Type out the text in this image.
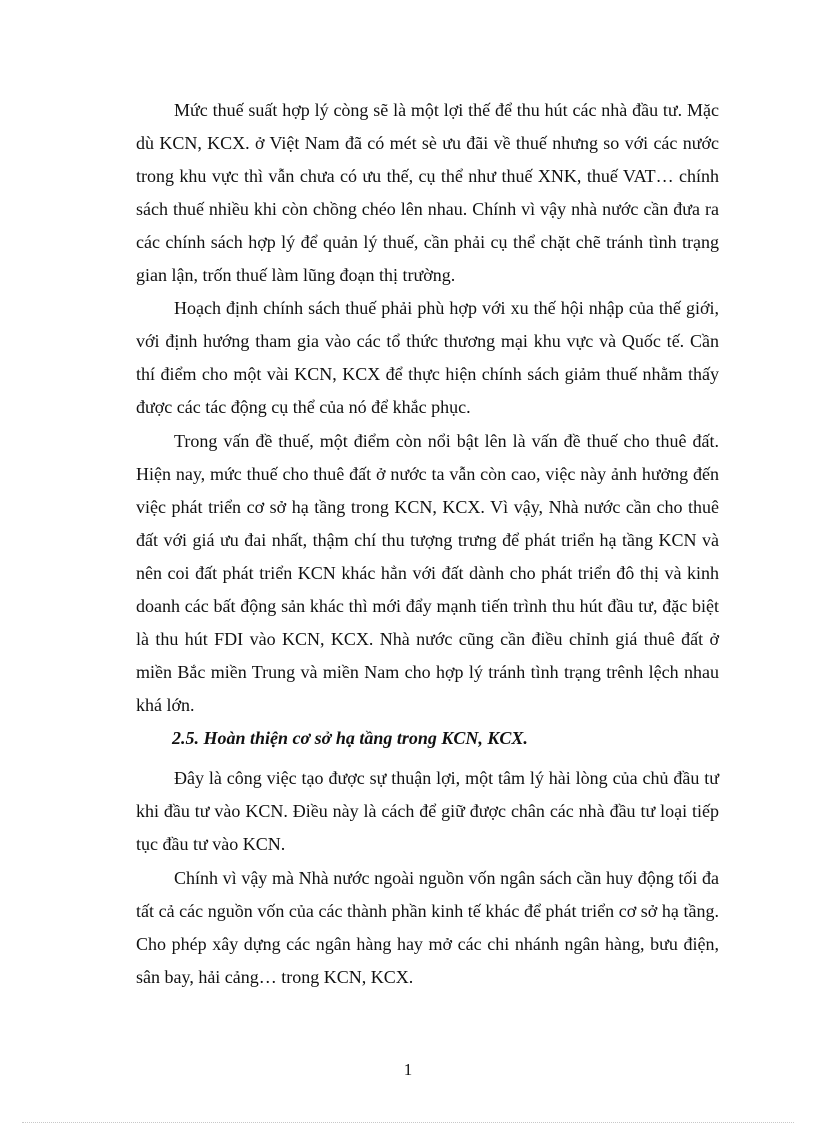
Mức thuế suất hợp lý còng sẽ là một lợi thế để thu hút các nhà đầu tư. Mặc dù KCN, KCX. ở Việt Nam đã có mét sè ưu đãi về thuế nhưng so với các nước trong khu vực thì vẫn chưa có ưu thế, cụ thể như thuế XNK, thuế VAT… chính sách thuế nhiều khi còn chồng chéo lên nhau. Chính vì vậy nhà nước cần đưa ra các chính sách hợp lý để quản lý thuế, cần phải cụ thể chặt chẽ tránh tình trạng gian lận, trốn thuế làm lũng đoạn thị trường.

Hoạch định chính sách thuế phải phù hợp với xu thế hội nhập của thế giới, với định hướng tham gia vào các tổ thức thương mại khu vực và Quốc tế. Cần thí điểm cho một vài KCN, KCX để thực hiện chính sách giảm thuế nhằm thấy được các tác động cụ thể của nó để khắc phục.

Trong vấn đề thuế, một điểm còn nổi bật lên là vấn đề thuế cho thuê đất. Hiện nay, mức thuế cho thuê đất ở nước ta vẫn còn cao, việc này ảnh hưởng đến việc phát triển cơ sở hạ tầng trong KCN, KCX. Vì vậy, Nhà nước cần cho thuê đất với giá ưu đai nhất, thậm chí thu tượng trưng để phát triển hạ tầng KCN và nên coi đất phát triển KCN khác hẳn với đất dành cho phát triển đô thị và kinh doanh các bất động sản khác thì mới đẩy mạnh tiến trình thu hút đầu tư, đặc biệt là thu hút FDI vào KCN, KCX. Nhà nước cũng cần điều chỉnh giá thuê đất ở miền Bắc miền Trung và miền Nam cho hợp lý tránh tình trạng trênh lệch nhau khá lớn.

2.5. Hoàn thiện cơ sở hạ tầng trong KCN, KCX.

Đây là công việc tạo được sự thuận lợi, một tâm lý hài lòng của chủ đầu tư khi đầu tư vào KCN. Điều này là cách để giữ được chân các nhà đầu tư loại tiếp tục đầu tư vào KCN.

Chính vì vậy mà Nhà nước ngoài nguồn vốn ngân sách cần huy động tối đa tất cả các nguồn vốn của các thành phần kinh tế khác để phát triển cơ sở hạ tầng. Cho phép xây dựng các ngân hàng hay mở các chi nhánh ngân hàng, bưu điện, sân bay, hải cảng… trong KCN, KCX.

1
